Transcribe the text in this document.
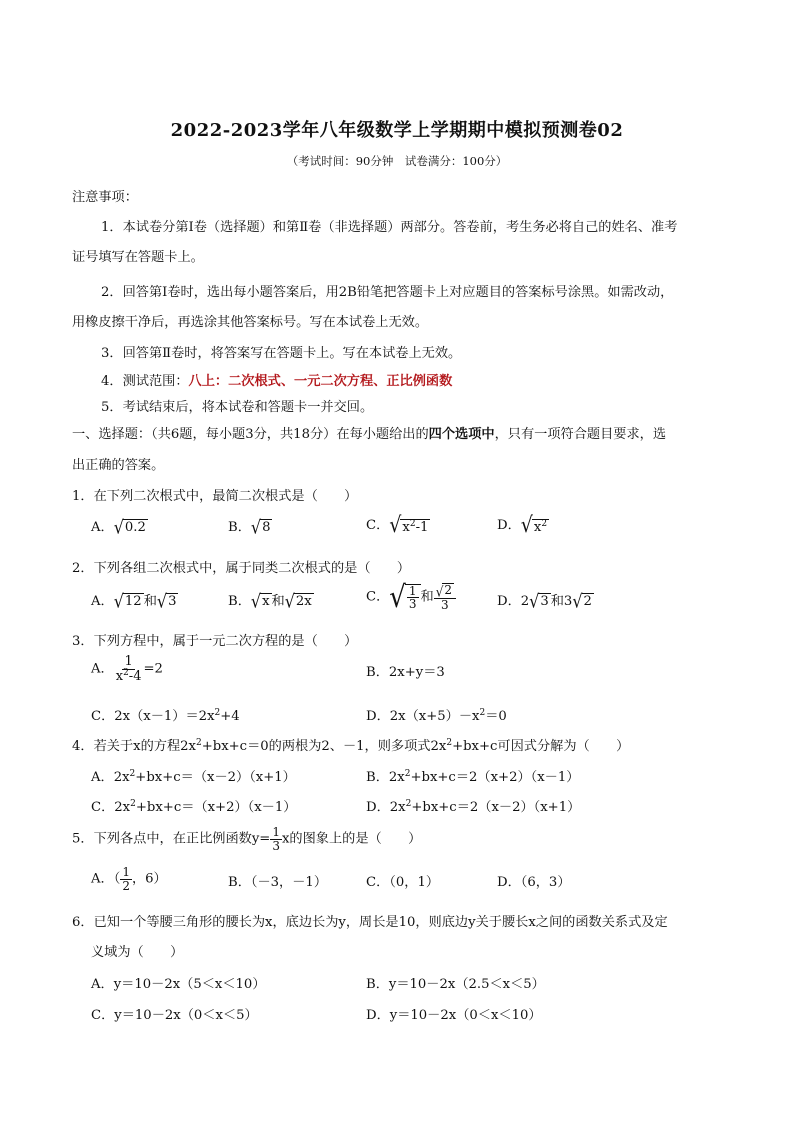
2022-2023学年八年级数学上学期期中模拟预测卷02
（考试时间：90分钟　试卷满分：100分）
注意事项：
1．本试卷分第Ⅰ卷（选择题）和第Ⅱ卷（非选择题）两部分。答卷前，考生务必将自己的姓名、准考
证号填写在答题卡上。
2．回答第Ⅰ卷时，选出每小题答案后，用2B铅笔把答题卡上对应题目的答案标号涂黑。如需改动，
用橡皮擦干净后，再选涂其他答案标号。写在本试卷上无效。
3．回答第Ⅱ卷时，将答案写在答题卡上。写在本试卷上无效。
4．测试范围：八上：二次根式、一元二次方程、正比例函数
5．考试结束后，将本试卷和答题卡一并交回。
一、选择题：（共6题，每小题3分，共18分）在每小题给出的四个选项中，只有一项符合题目要求，选
出正确的答案。
1．在下列二次根式中，最简二次根式是（　　）
A． √ 0.2	B． √ 8	C． √ $x^2-1$	D． √ $x^2$
2．下列各组二次根式中，属于同类二次根式的是（　　）
A． √ 12 和 √ 3	B． √ x 和 √ 2x	C． √ $\frac{1}{3}$ 和 $\frac{√ 2}{3}$	D．2 √ 3 和3 √ 2
3．下列方程中，属于一元二次方程的是（　　）
A． $\frac{1}{x^2-4} =2$	B．2x+y＝3
C．$2x(x-1)=2x^2+4$	D．$2x(x+5)-x^2=0$
4．若关于x的方程$2x^2+bx+c=0$的两根为2、－1，则多项式$2x^2+bx+c$可因式分解为（　　）
A．$2x^2+bx+c=(x-2)(x+1)$	B．$2x^2+bx+c=2(x+2)(x-1)$
C．$2x^2+bx+c=(x+2)(x-1)$	D．$2x^2+bx+c=2(x-2)(x+1)$
5．下列各点中，在正比例函数$y= \frac{1}{3}$ x的图象上的是（　　）
A．（ $\frac{1}{2}$ ，6）	B．（－3，－1）	C．（0，1）	D．（6，3）
6．已知一个等腰三角形的腰长为x，底边长为y，周长是10，则底边y关于腰长x之间的函数关系式及定
义域为（　　）
A．y＝10－2x（5＜x＜10）	B．y＝10－2x（2.5＜x＜5）
C．y＝10－2x（0＜x＜5）	D．y＝10－2x（0＜x＜10）
